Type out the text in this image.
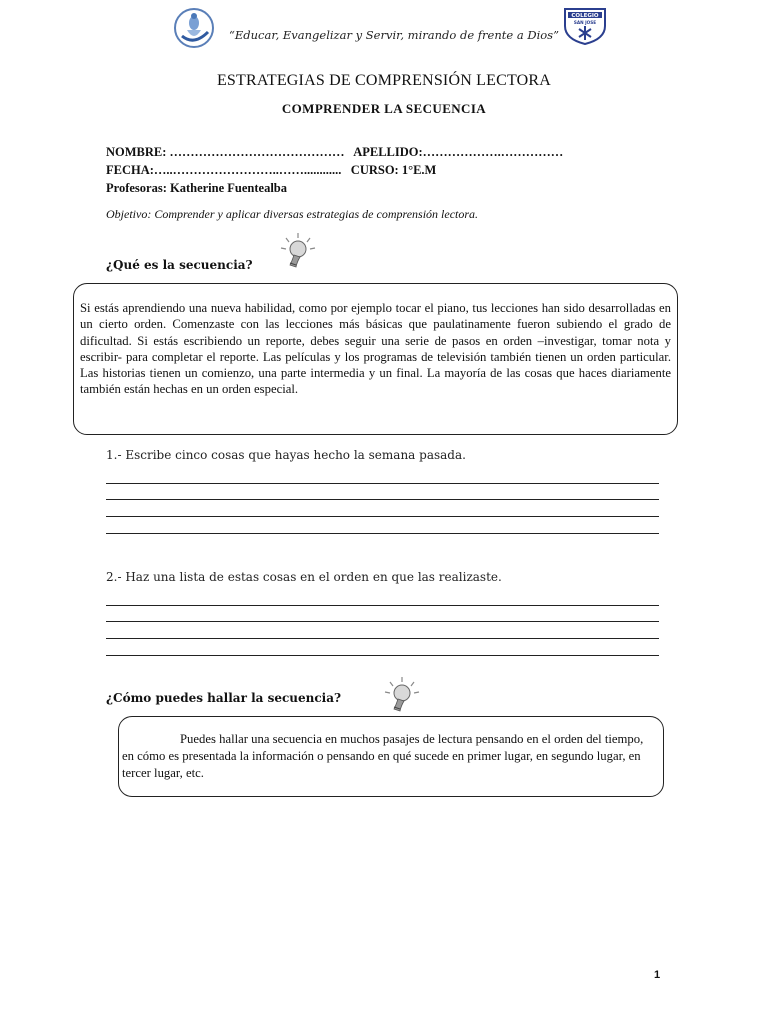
“Educar, Evangelizar y Servir, mirando de frente a Dios”
COLEGIO
SAN JOSE
ESTRATEGIAS DE COMPRENSIÓN LECTORA
COMPRENDER LA SECUENCIA
NOMBRE: ……………………………………   APELLIDO:……………….……………
FECHA:…..……………………..……............   CURSO: 1°E.M
Profesoras: Katherine Fuentealba
Objetivo: Comprender y aplicar diversas estrategias de comprensión lectora.
¿Qué es la secuencia?

Si estás aprendiendo una nueva habilidad, como por ejemplo tocar el piano, tus lecciones han sido desarrolladas en un cierto orden. Comenzaste con las lecciones más básicas que paulatinamente fueron subiendo el grado de dificultad. Si estás escribiendo un reporte, debes seguir una serie de pasos en orden –investigar, tomar nota y escribir- para completar el reporte. Las películas y los programas de televisión también tienen un orden particular. Las historias tienen un comienzo, una parte intermedia y un final. La mayoría de las cosas que haces diariamente también están hechas en un orden especial.

1.- Escribe cinco cosas que hayas hecho la semana pasada.
2.- Haz una lista de estas cosas en el orden en que las realizaste.
¿Cómo puedes hallar la secuencia?

Puedes hallar una secuencia en muchos pasajes de lectura pensando en el orden del tiempo, en cómo es presentada la información o pensando en qué sucede en primer lugar, en segundo lugar, en tercer lugar, etc.

1
